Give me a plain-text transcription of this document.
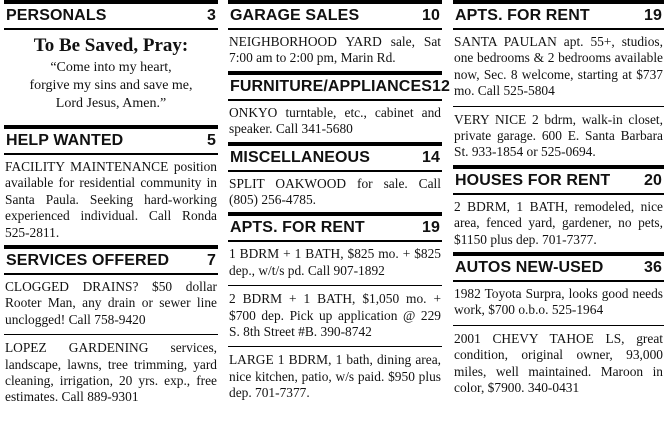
PERSONALS	3
To Be Saved, Pray:
“Come into my heart,
forgive my sins and save me,
Lord Jesus, Amen.”
HELP WANTED	5
FACILITY MAINTENANCE position available for residential community in Santa Paula. Seeking hard-working experienced individual. Call Ronda 525-2811.
SERVICES OFFERED 7
CLOGGED DRAINS? $50 dollar Rooter Man, any drain or sewer line unclogged! Call 758-9420
LOPEZ GARDENING services, landscape, lawns, tree trimming, yard cleaning, irrigation, 20 yrs. exp., free estimates. Call 889-9301
GARAGE SALES	10
NEIGHBORHOOD YARD sale, Sat 7:00 am to 2:00 pm, Marin Rd.
FURNITURE/APPLIANCES 12
ONKYO turntable, etc., cabinet and speaker. Call 341-5680
MISCELLANEOUS	14
SPLIT OAKWOOD for sale. Call (805) 256-4785.
APTS. FOR RENT	19
1 BDRM + 1 BATH, $825 mo. + $825 dep., w/t/s pd. Call 907-1892
2 BDRM + 1 BATH, $1,050 mo. + $700 dep. Pick up application @ 229 S. 8th Street #B. 390-8742
LARGE 1 BDRM, 1 bath, dining area, nice kitchen, patio, w/s paid. $950 plus dep. 701-7377.
APTS. FOR RENT	19
SANTA PAULAN apt. 55+, studios, one bedrooms & 2 bedrooms available now, Sec. 8 welcome, starting at $737 mo. Call 525-5804
VERY NICE 2 bdrm, walk-in closet, private garage. 600 E. Santa Barbara St. 933-1854 or 525-0694.
HOUSES FOR RENT 20
2 BDRM, 1 BATH, remodeled, nice area, fenced yard, gardener, no pets, $1150 plus dep. 701-7377.
AUTOS NEW-USED	36
1982 Toyota Surpra, looks good needs work, $700 o.b.o. 525-1964
2001 CHEVY TAHOE LS, great condition, original owner, 93,000 miles, well maintained. Maroon in color, $7900. 340-0431
